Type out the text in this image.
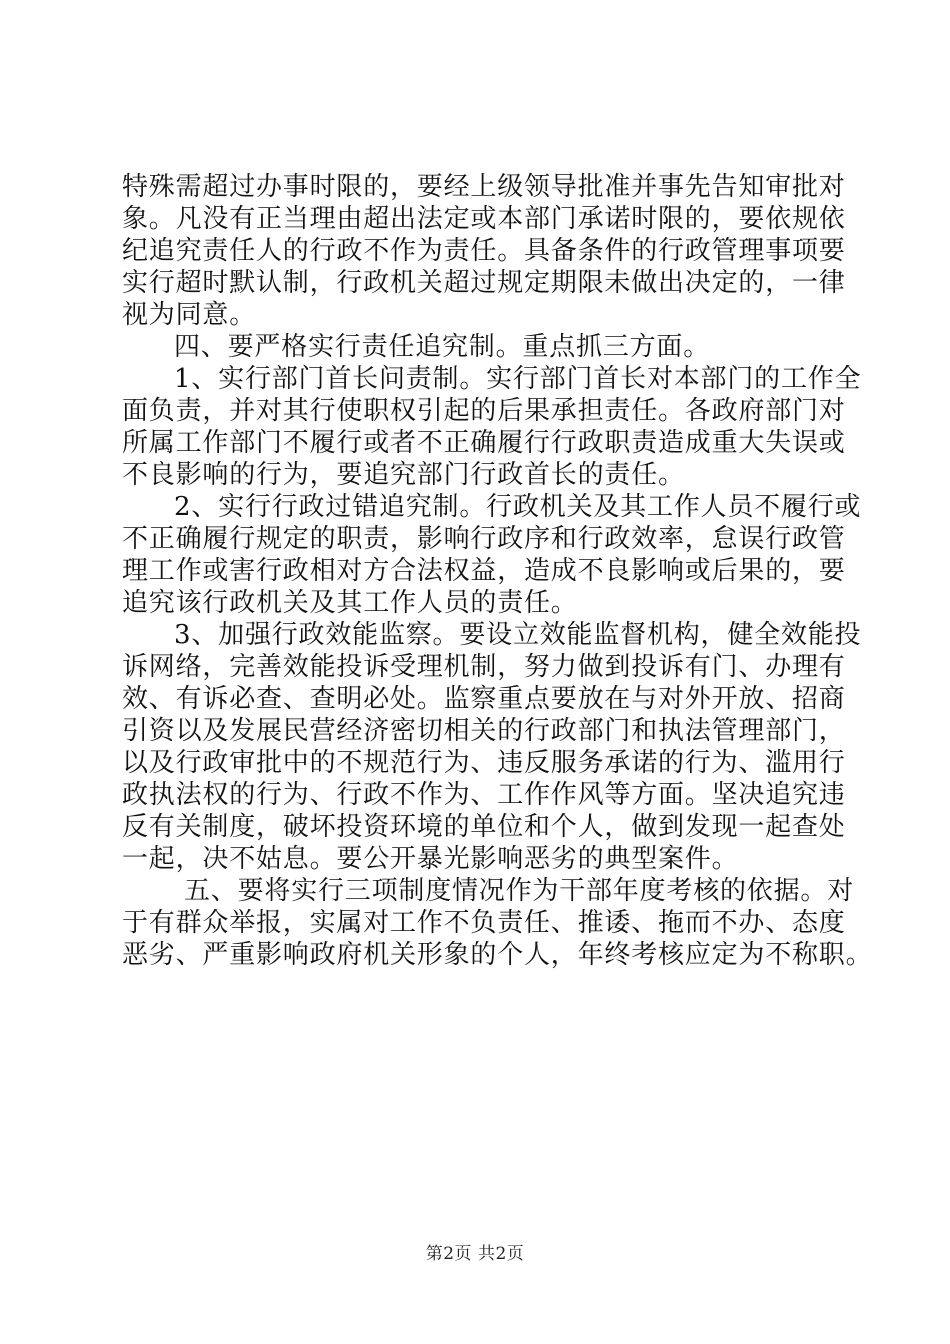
特殊需超过办事时限的，要经上级领导批准并事先告知审批对
象。凡没有正当理由超出法定或本部门承诺时限的，要依规依
纪追究责任人的行政不作为责任。具备条件的行政管理事项要
实行超时默认制，行政机关超过规定期限未做出决定的，一律
视为同意。
四、要严格实行责任追究制。重点抓三方面。
1、实行部门首长问责制。实行部门首长对本部门的工作全
面负责，并对其行使职权引起的后果承担责任。各政府部门对
所属工作部门不履行或者不正确履行行政职责造成重大失误或
不良影响的行为，要追究部门行政首长的责任。
2、实行行政过错追究制。行政机关及其工作人员不履行或
不正确履行规定的职责，影响行政序和行政效率，怠误行政管
理工作或害行政相对方合法权益，造成不良影响或后果的，要
追究该行政机关及其工作人员的责任。
3、加强行政效能监察。要设立效能监督机构，健全效能投
诉网络，完善效能投诉受理机制，努力做到投诉有门、办理有
效、有诉必查、查明必处。监察重点要放在与对外开放、招商
引资以及发展民营经济密切相关的行政部门和执法管理部门，
以及行政审批中的不规范行为、违反服务承诺的行为、滥用行
政执法权的行为、行政不作为、工作作风等方面。坚决追究违
反有关制度，破坏投资环境的单位和个人，做到发现一起查处
一起，决不姑息。要公开暴光影响恶劣的典型案件。
五、要将实行三项制度情况作为干部年度考核的依据。对
于有群众举报，实属对工作不负责任、推诿、拖而不办、态度
恶劣、严重影响政府机关形象的个人，年终考核应定为不称职。
第2页 共2页
